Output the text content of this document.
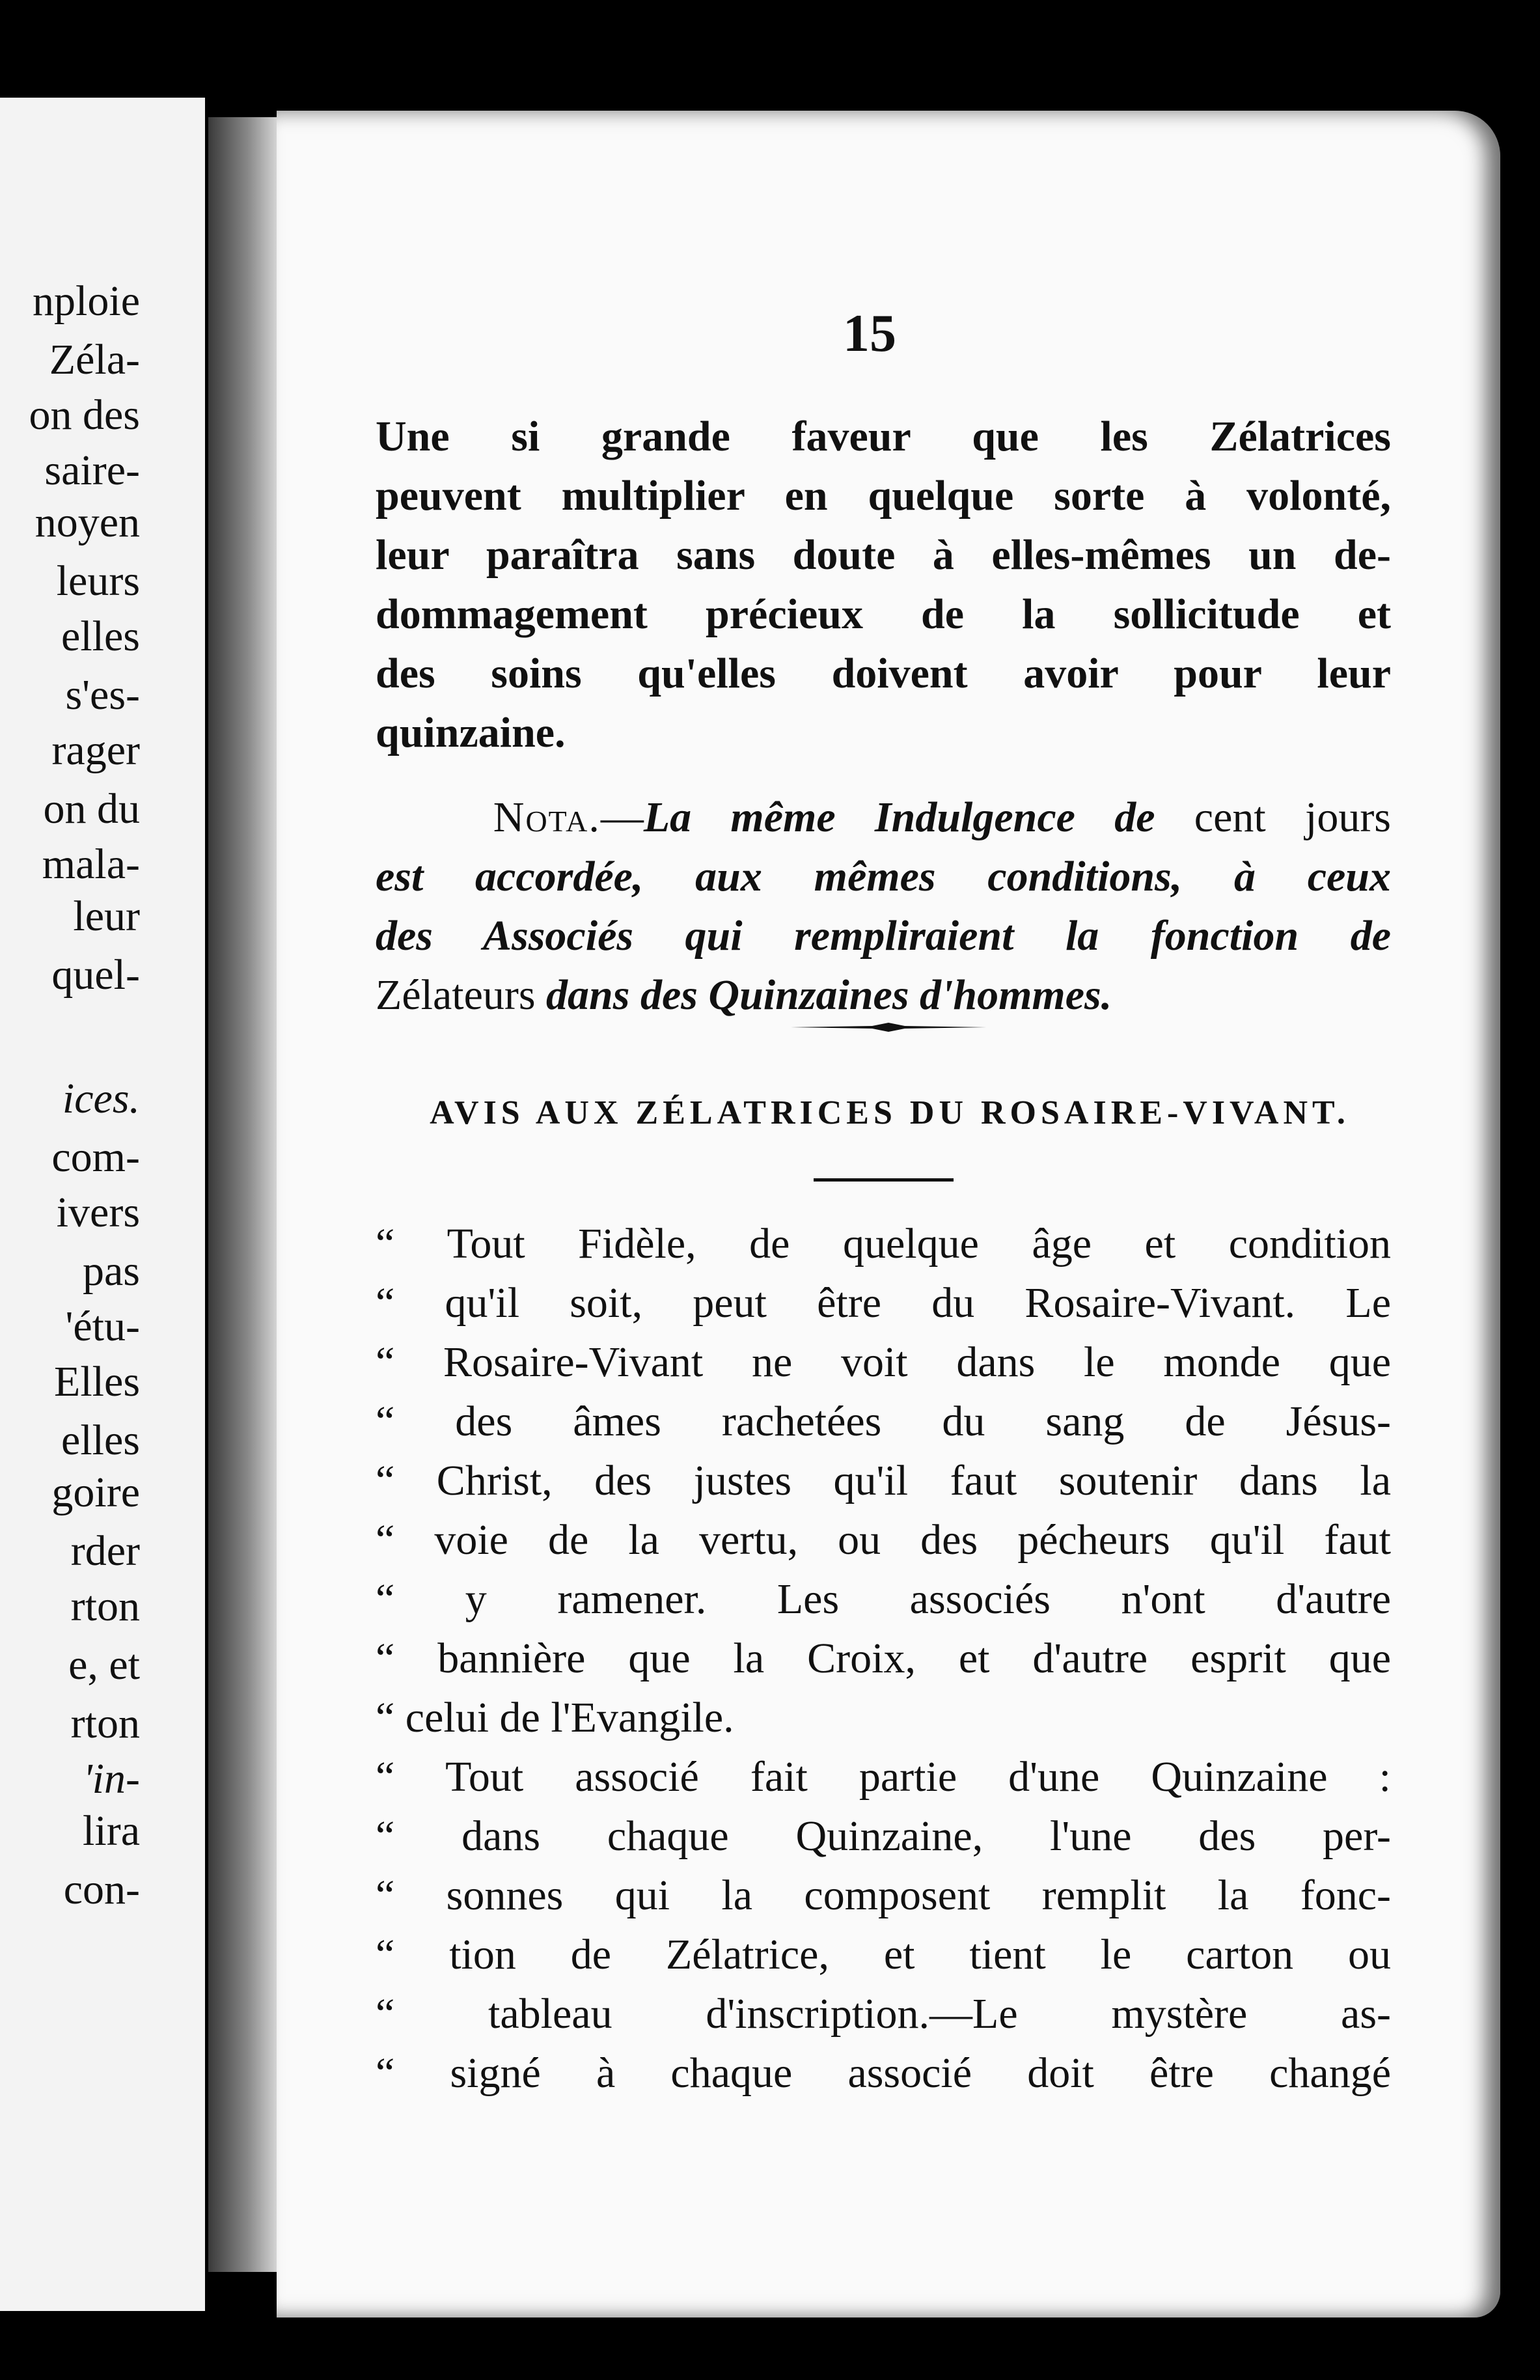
nploie
Zéla-
on des
saire-
noyen
leurs
elles
s'es-
rager
on du
mala-
leur
quel-
ices.
com-
ivers
pas
'étu-
Elles
elles
goire
rder
rton
e, et
rton
'in-
lira
con-
15
Une si grande faveur que les Zélatrices
peuvent multiplier en quelque sorte à volonté,
leur paraîtra sans doute à elles-mêmes un de-
dommagement précieux de la sollicitude et
des soins qu'elles doivent avoir pour leur
quinzaine.
Nota.—La même Indulgence de cent jours
est accordée, aux mêmes conditions, à ceux
des Associés qui rempliraient la fonction de
Zélateurs dans des Quinzaines d'hommes.
AVIS AUX ZÉLATRICES DU ROSAIRE-VIVANT.
“ Tout Fidèle, de quelque âge et condition
“ qu'il soit, peut être du Rosaire-Vivant. Le
“ Rosaire-Vivant ne voit dans le monde que
“ des âmes rachetées du sang de Jésus-
“ Christ, des justes qu'il faut soutenir dans la
“ voie de la vertu, ou des pécheurs qu'il faut
“ y ramener. Les associés n'ont d'autre
“ bannière que la Croix, et d'autre esprit que
“ celui de l'Evangile.
“ Tout associé fait partie d'une Quinzaine :
“ dans chaque Quinzaine, l'une des per-
“ sonnes qui la composent remplit la fonc-
“ tion de Zélatrice, et tient le carton ou
“ tableau d'inscription.—Le mystère as-
“ signé à chaque associé doit être changé
